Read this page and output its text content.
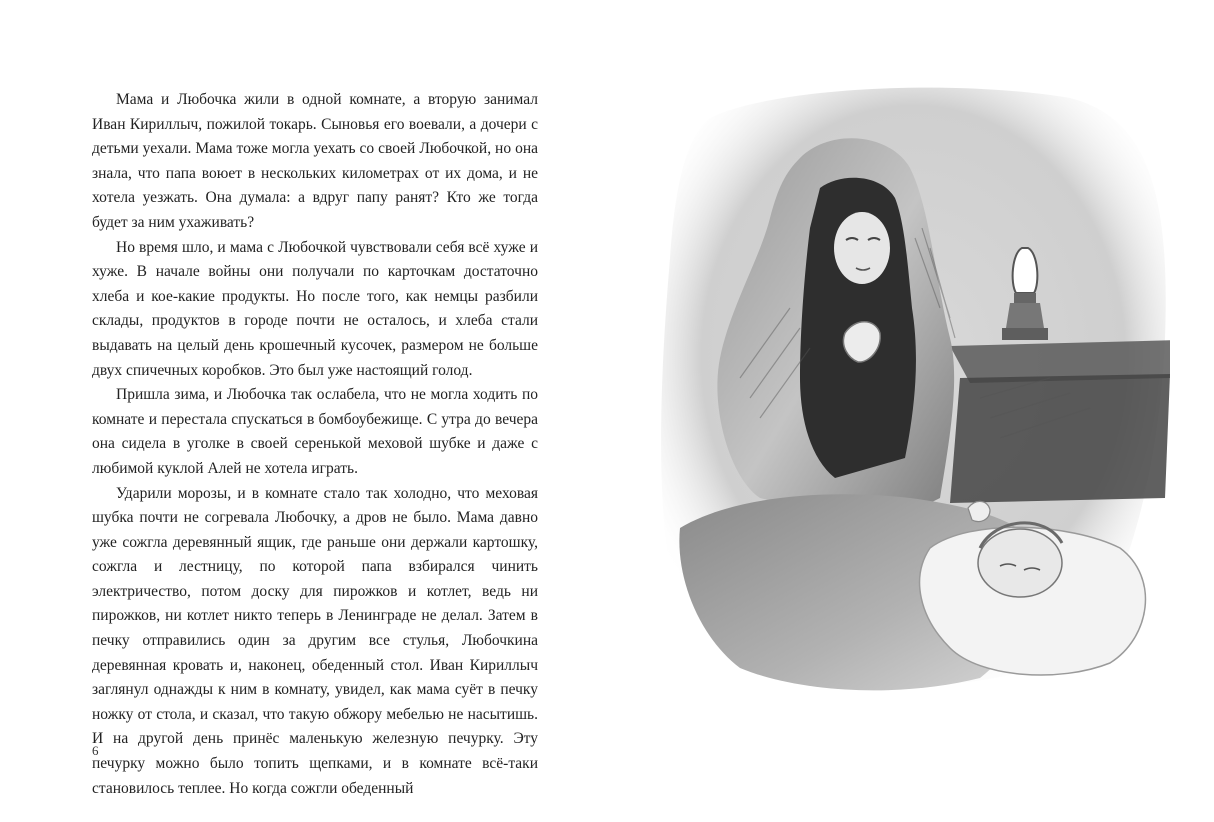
Мама и Любочка жили в одной комнате, а вторую занимал Иван Кириллыч, пожилой токарь. Сыновья его воевали, а дочери с детьми уехали. Мама тоже могла уехать со своей Любочкой, но она знала, что папа воюет в нескольких километрах от их дома, и не хотела уезжать. Она думала: а вдруг папу ранят? Кто же тогда будет за ним ухаживать?

Но время шло, и мама с Любочкой чувствовали себя всё хуже и хуже. В начале войны они получали по карточкам достаточно хлеба и кое-какие продукты. Но после того, как немцы разбили склады, продуктов в городе почти не осталось, и хлеба стали выдавать на целый день крошечный кусочек, размером не больше двух спичечных коробков. Это был уже настоящий голод.

Пришла зима, и Любочка так ослабела, что не могла ходить по комнате и перестала спускаться в бомбоубежище. С утра до вечера она сидела в уголке в своей серенькой меховой шубке и даже с любимой куклой Алей не хотела играть.

Ударили морозы, и в комнате стало так холодно, что меховая шубка почти не согревала Любочку, а дров не было. Мама давно уже сожгла деревянный ящик, где раньше они держали картошку, сожгла и лестницу, по которой папа взбирался чинить электричество, потом доску для пирожков и котлет, ведь ни пирожков, ни котлет никто теперь в Ленинграде не делал. Затем в печку отправились один за другим все стулья, Любочкина деревянная кровать и, наконец, обеденный стол. Иван Кириллыч заглянул однажды к ним в комнату, увидел, как мама суёт в печку ножку от стола, и сказал, что такую обжору мебелью не насытишь. И на другой день принёс маленькую железную печурку. Эту печурку можно было топить щепками, и в комнате всё-таки становилось теплее. Но когда сожгли обеденный

6
